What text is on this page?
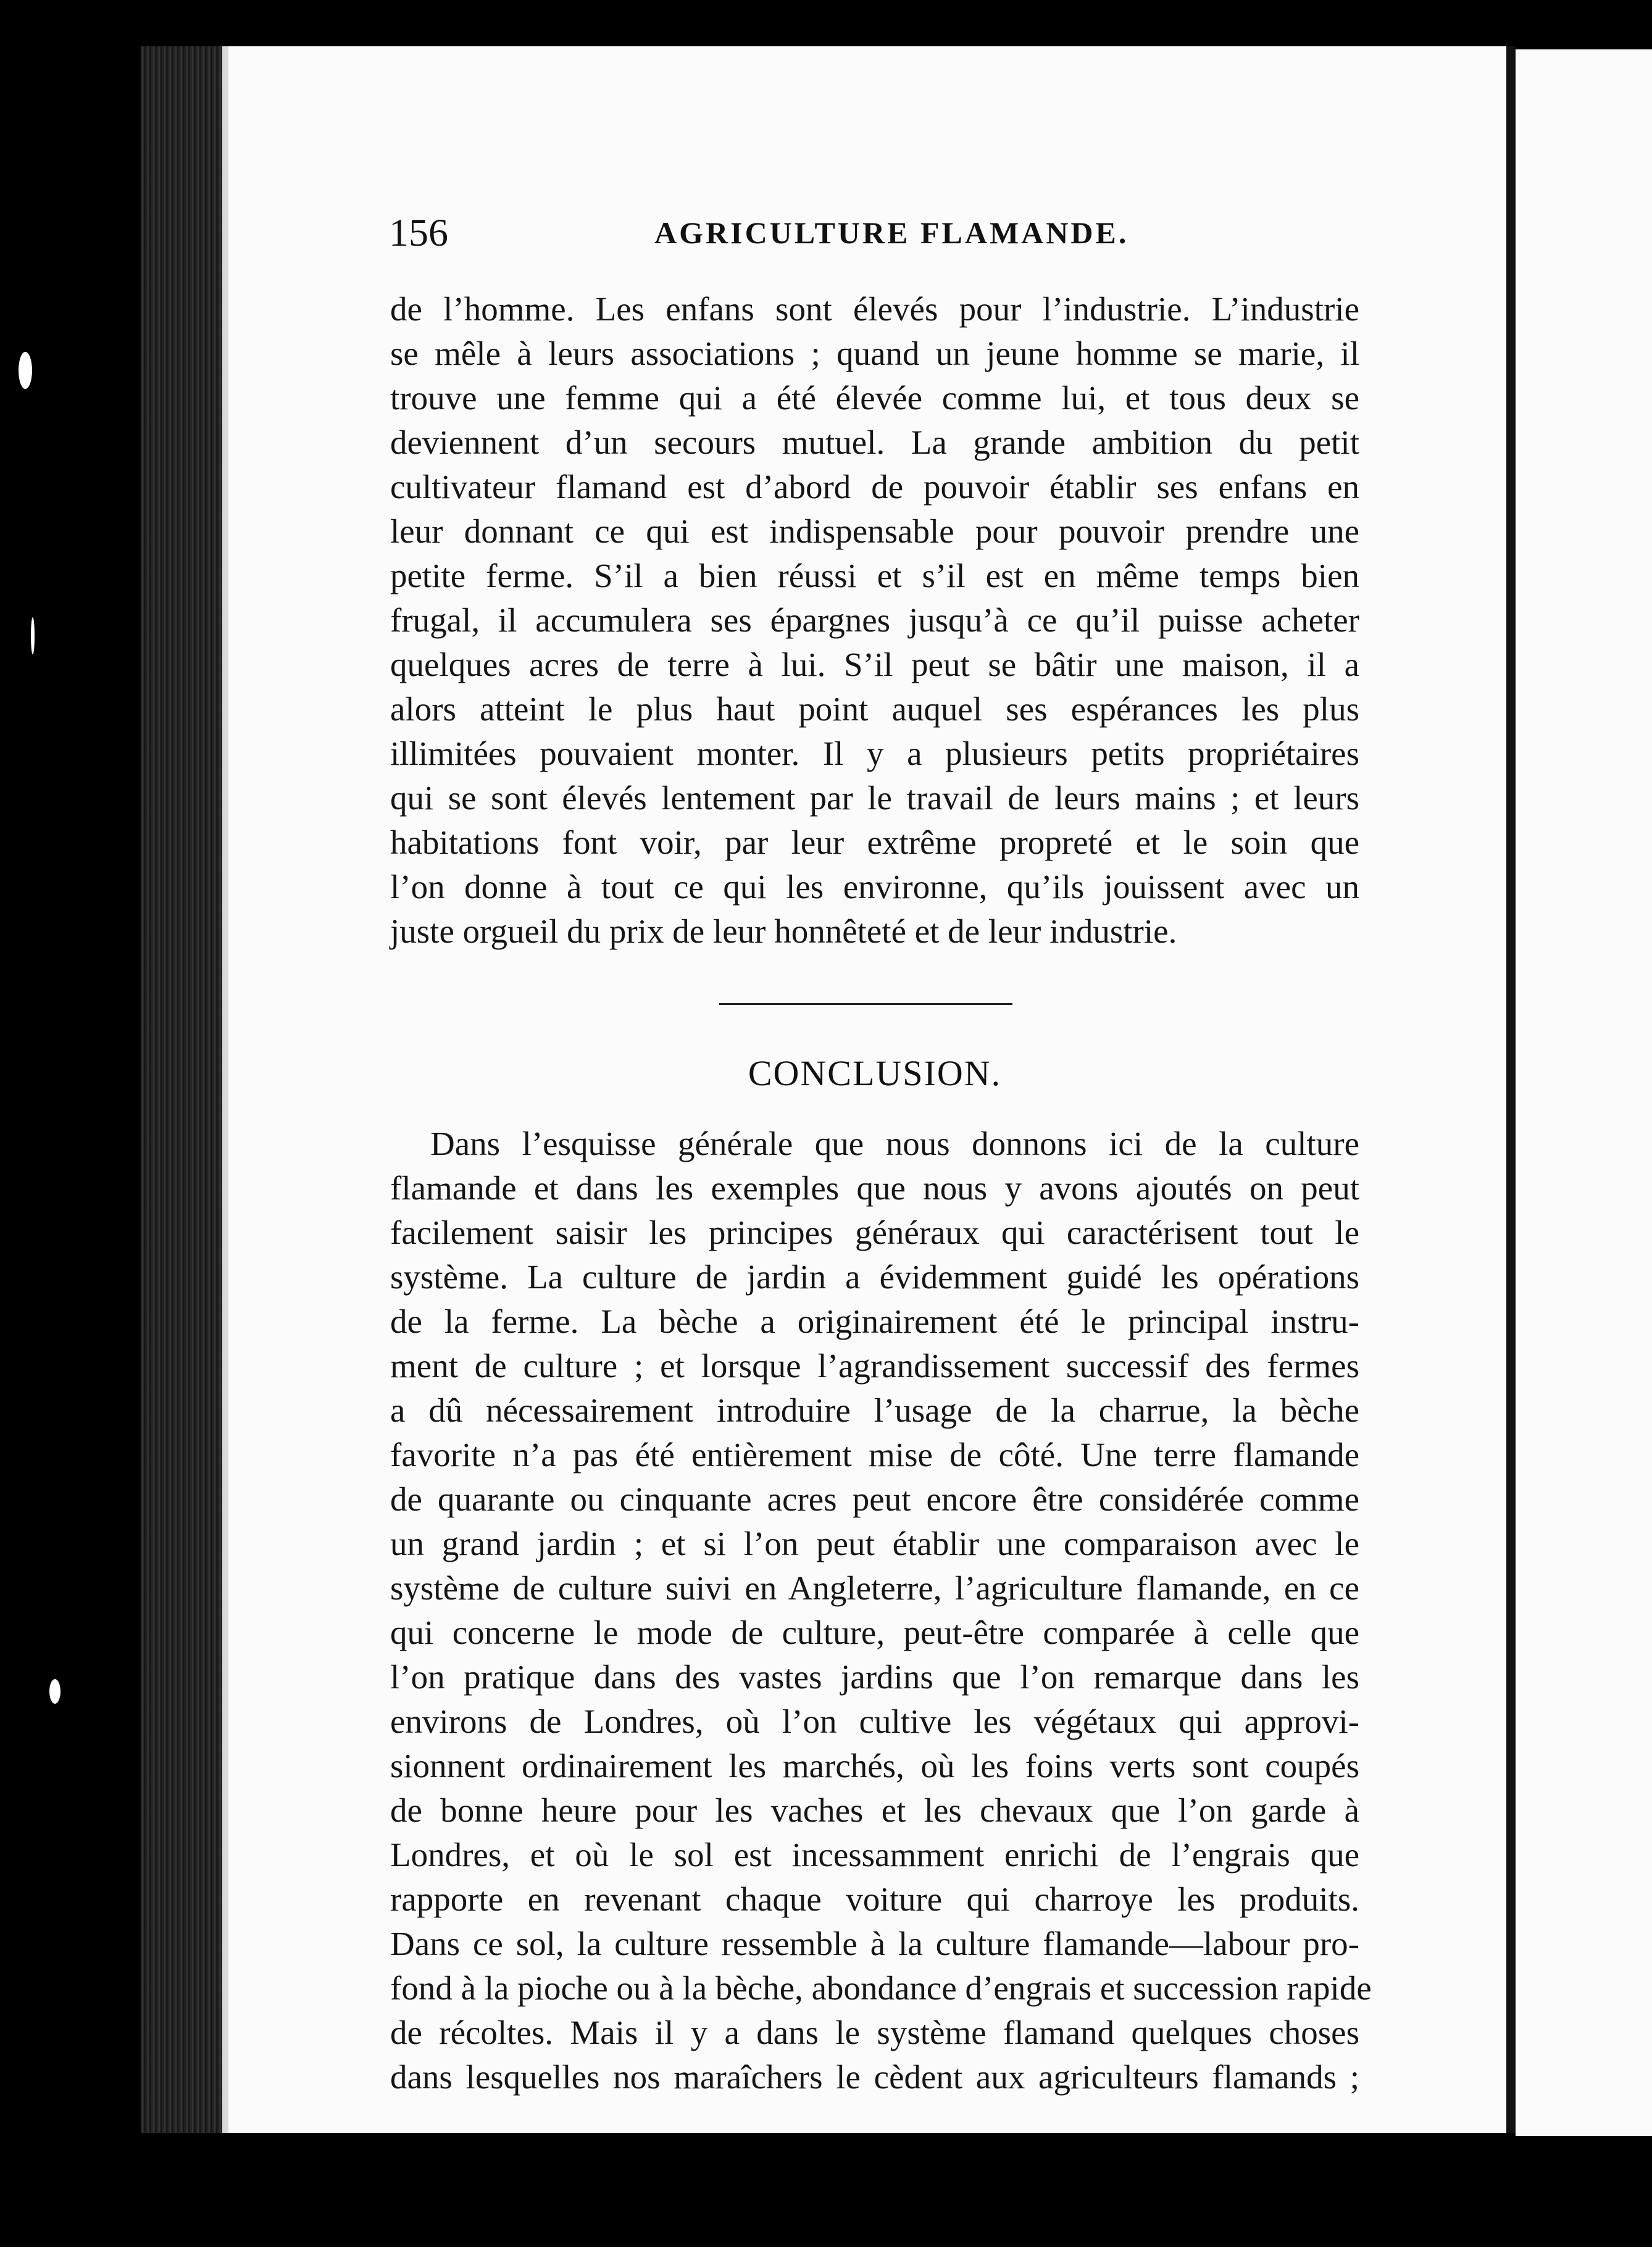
156	AGRICULTURE FLAMANDE.
de l’homme. Les enfans sont élevés pour l’industrie. L’industrie
se mêle à leurs associations ; quand un jeune homme se marie, il
trouve une femme qui a été élevée comme lui, et tous deux se
deviennent d’un secours mutuel. La grande ambition du petit
cultivateur flamand est d’abord de pouvoir établir ses enfans en
leur donnant ce qui est indispensable pour pouvoir prendre une
petite ferme. S’il a bien réussi et s’il est en même temps bien
frugal, il accumulera ses épargnes jusqu’à ce qu’il puisse acheter
quelques acres de terre à lui. S’il peut se bâtir une maison, il a
alors atteint le plus haut point auquel ses espérances les plus
illimitées pouvaient monter. Il y a plusieurs petits propriétaires
qui se sont élevés lentement par le travail de leurs mains ; et leurs
habitations font voir, par leur extrême propreté et le soin que
l’on donne à tout ce qui les environne, qu’ils jouissent avec un
juste orgueil du prix de leur honnêteté et de leur industrie.
CONCLUSION.
Dans l’esquisse générale que nous donnons ici de la culture
flamande et dans les exemples que nous y avons ajoutés on peut
facilement saisir les principes généraux qui caractérisent tout le
système. La culture de jardin a évidemment guidé les opérations
de la ferme. La bèche a originairement été le principal instru-
ment de culture ; et lorsque l’agrandissement successif des fermes
a dû nécessairement introduire l’usage de la charrue, la bèche
favorite n’a pas été entièrement mise de côté. Une terre flamande
de quarante ou cinquante acres peut encore être considérée comme
un grand jardin ; et si l’on peut établir une comparaison avec le
système de culture suivi en Angleterre, l’agriculture flamande, en ce
qui concerne le mode de culture, peut-être comparée à celle que
l’on pratique dans des vastes jardins que l’on remarque dans les
environs de Londres, où l’on cultive les végétaux qui approvi-
sionnent ordinairement les marchés, où les foins verts sont coupés
de bonne heure pour les vaches et les chevaux que l’on garde à
Londres, et où le sol est incessamment enrichi de l’engrais que
rapporte en revenant chaque voiture qui charroye les produits.
Dans ce sol, la culture ressemble à la culture flamande—labour pro-
fond à la pioche ou à la bèche, abondance d’engrais et succession rapide
de récoltes. Mais il y a dans le système flamand quelques choses
dans lesquelles nos maraîchers le cèdent aux agriculteurs flamands ;
